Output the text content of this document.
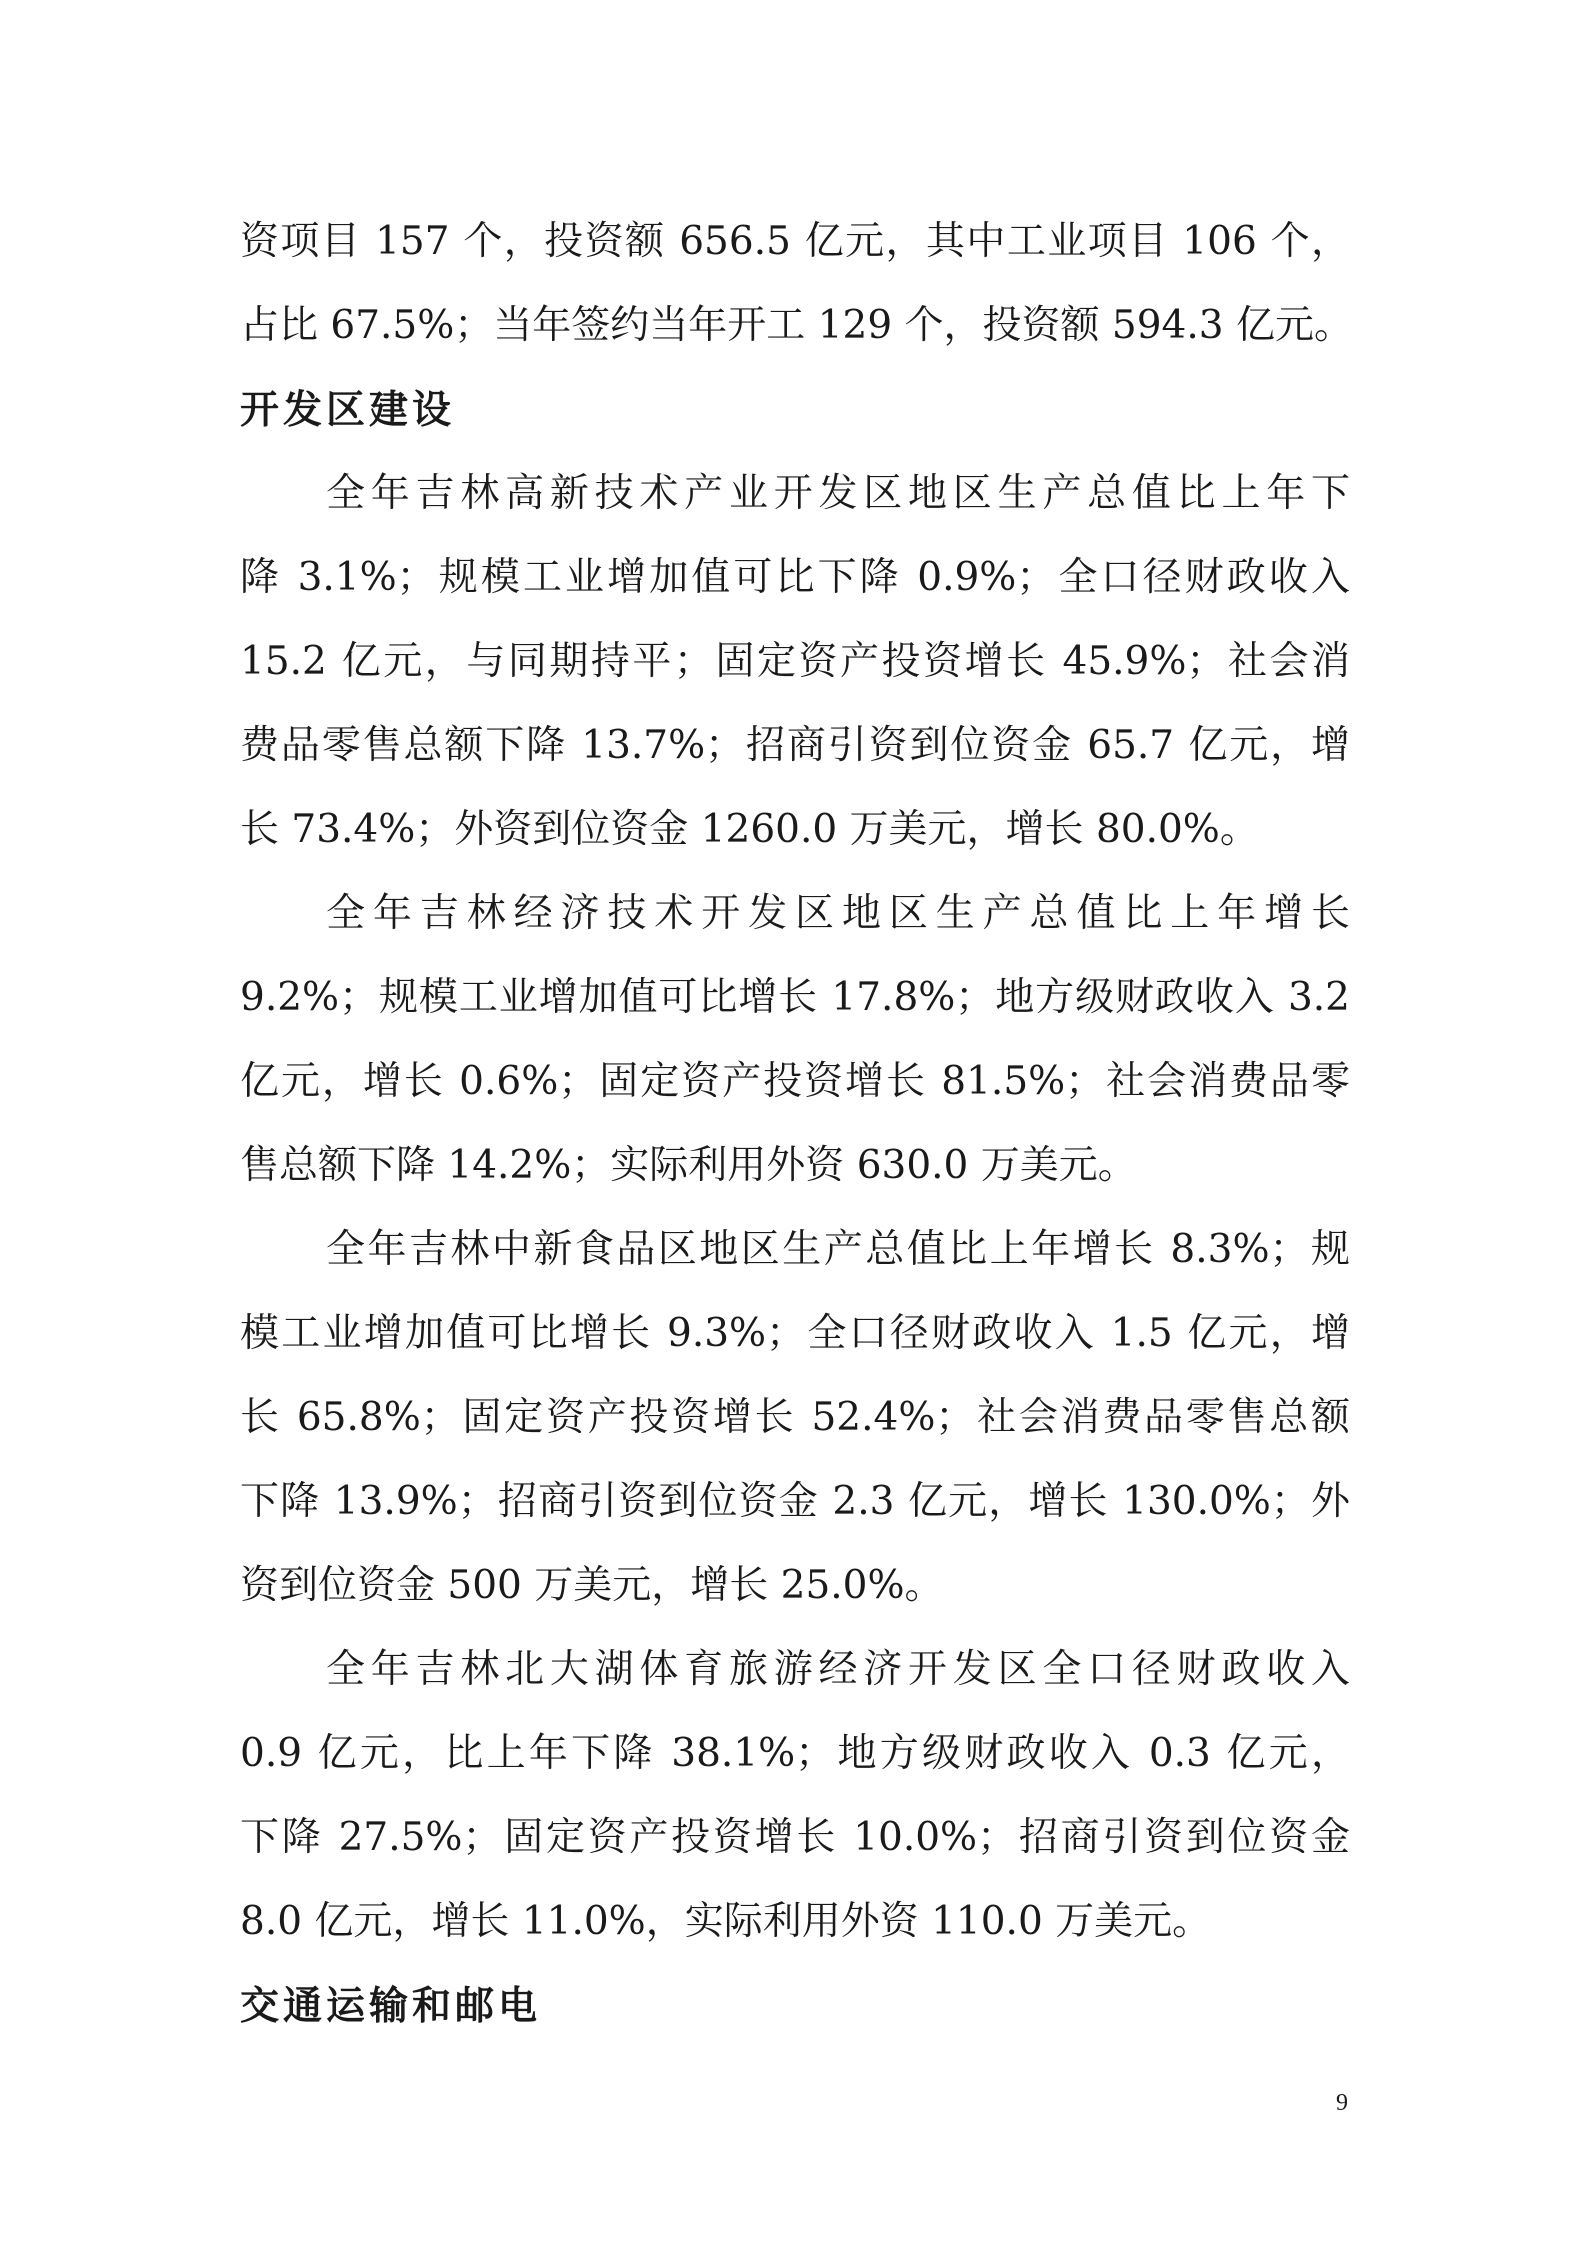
资项目 157 个，投资额 656.5 亿元，其中工业项目 106 个，

占比 67.5%；当年签约当年开工 129 个，投资额 594.3 亿元。

开发区建设

全年吉林高新技术产业开发区地区生产总值比上年下

降 3.1%；规模工业增加值可比下降 0.9%；全口径财政收入

15.2 亿元，与同期持平；固定资产投资增长 45.9%；社会消

费品零售总额下降 13.7%；招商引资到位资金 65.7 亿元，增

长 73.4%；外资到位资金 1260.0 万美元，增长 80.0%。

全年吉林经济技术开发区地区生产总值比上年增长

9.2%；规模工业增加值可比增长 17.8%；地方级财政收入 3.2

亿元，增长 0.6%；固定资产投资增长 81.5%；社会消费品零

售总额下降 14.2%；实际利用外资 630.0 万美元。

全年吉林中新食品区地区生产总值比上年增长 8.3%；规

模工业增加值可比增长 9.3%；全口径财政收入 1.5 亿元，增

长 65.8%；固定资产投资增长 52.4%；社会消费品零售总额

下降 13.9%；招商引资到位资金 2.3 亿元，增长 130.0%；外

资到位资金 500 万美元，增长 25.0%。

全年吉林北大湖体育旅游经济开发区全口径财政收入

0.9 亿元，比上年下降 38.1%；地方级财政收入 0.3 亿元，

下降 27.5%；固定资产投资增长 10.0%；招商引资到位资金

8.0 亿元，增长 11.0%，实际利用外资 110.0 万美元。

交通运输和邮电

9
